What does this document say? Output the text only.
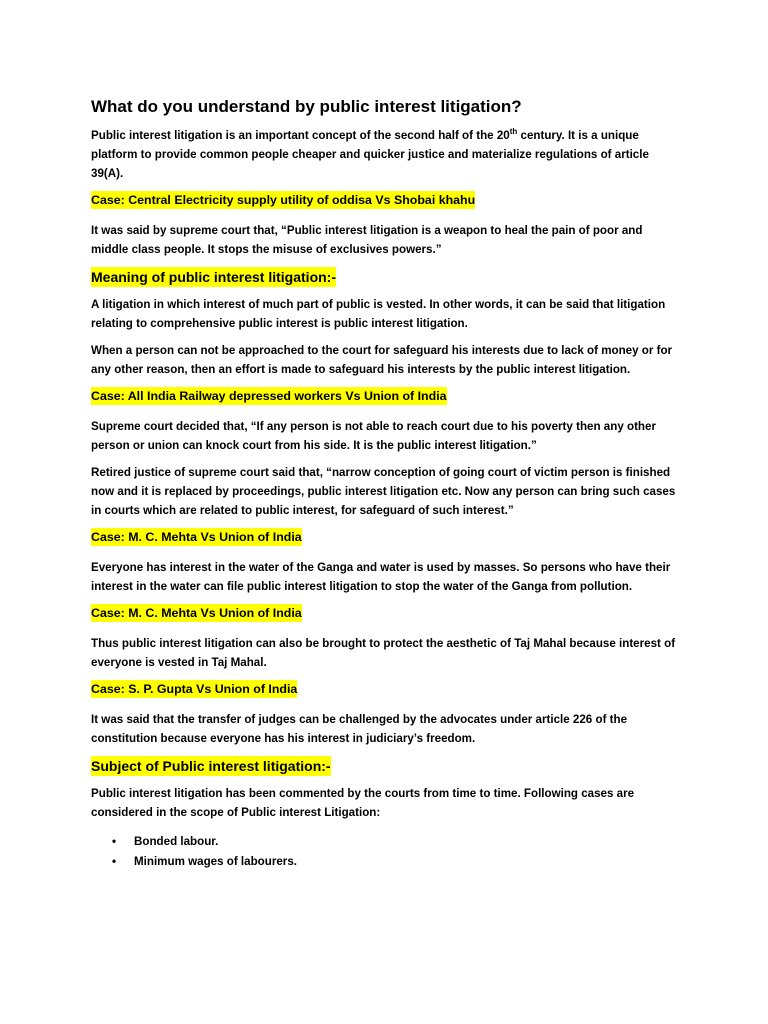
What do you understand by public interest litigation?

Public interest litigation is an important concept of the second half of the 20th century. It is a unique platform to provide common people cheaper and quicker justice and materialize regulations of article 39(A).

Case: Central Electricity supply utility of oddisa Vs Shobai khahu

It was said by supreme court that, “Public interest litigation is a weapon to heal the pain of poor and middle class people. It stops the misuse of exclusives powers.”

Meaning of public interest litigation:-

A litigation in which interest of much part of public is vested. In other words, it can be said that litigation relating to comprehensive public interest is public interest litigation.

When a person can not be approached to the court for safeguard his interests due to lack of money or for any other reason, then an effort is made to safeguard his interests by the public interest litigation.

Case: All India Railway depressed workers Vs Union of India

Supreme court decided that, “If any person is not able to reach court due to his poverty then any other person or union can knock court from his side. It is the public interest litigation.”

Retired justice of supreme court said that, “narrow conception of going court of victim person is finished now and it is replaced by proceedings, public interest litigation etc. Now any person can bring such cases in courts which are related to public interest, for safeguard of such interest.”

Case: M. C. Mehta Vs Union of India

Everyone has interest in the water of the Ganga and water is used by masses. So persons who have their interest in the water can file public interest litigation to stop the water of the Ganga from pollution.

Case: M. C. Mehta Vs Union of India

Thus public interest litigation can also be brought to protect the aesthetic of Taj Mahal because interest of everyone is vested in Taj Mahal.

Case: S. P. Gupta Vs Union of India

It was said that the transfer of judges can be challenged by the advocates under article 226 of the constitution because everyone has his interest in judiciary’s freedom.

Subject of Public interest litigation:-

Public interest litigation has been commented by the courts from time to time. Following cases are considered in the scope of Public interest Litigation:

• Bonded labour.
• Minimum wages of labourers.
